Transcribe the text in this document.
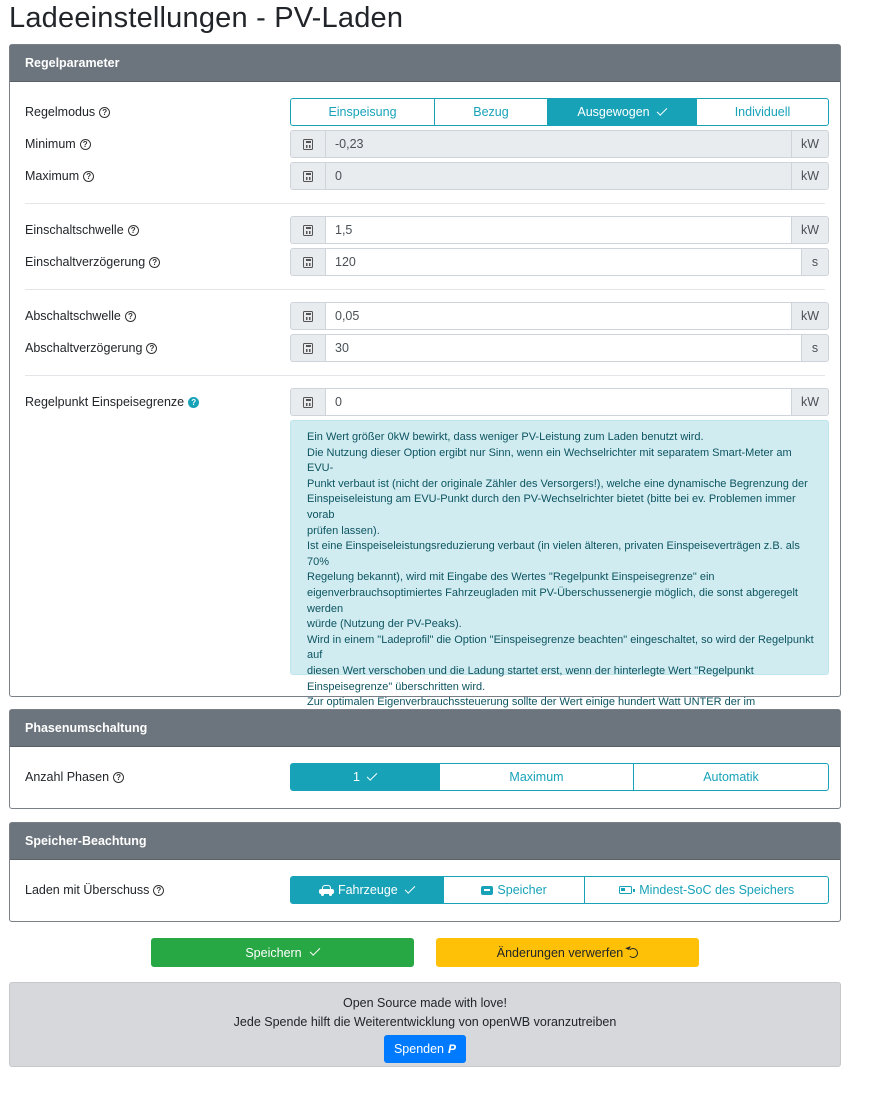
Ladeeinstellungen - PV-Laden
Regelparameter
Regelmodus ?	Einspeisung	Bezug	Ausgewogen	Individuell
Minimum ?	-0,23	kW
Maximum ?	0	kW
Einschaltschwelle ?	1,5	kW
Einschaltverzögerung ?	120	s
Abschaltschwelle ?	0,05	kW
Abschaltverzögerung ?	30	s
Regelpunkt Einspeisegrenze ?	0	kW
Ein Wert größer 0kW bewirkt, dass weniger PV-Leistung zum Laden benutzt wird.
Die Nutzung dieser Option ergibt nur Sinn, wenn ein Wechselrichter mit separatem Smart-Meter am EVU-
Punkt verbaut ist (nicht der originale Zähler des Versorgers!), welche eine dynamische Begrenzung der
Einspeiseleistung am EVU-Punkt durch den PV-Wechselrichter bietet (bitte bei ev. Problemen immer vorab
prüfen lassen).
Ist eine Einspeiseleistungsreduzierung verbaut (in vielen älteren, privaten Einspeiseverträgen z.B. als 70%
Regelung bekannt), wird mit Eingabe des Wertes "Regelpunkt Einspeisegrenze" ein
eigenverbrauchsoptimiertes Fahrzeugladen mit PV-Überschussenergie möglich, die sonst abgeregelt werden
würde (Nutzung der PV-Peaks).
Wird in einem "Ladeprofil" die Option "Einspeisegrenze beachten" eingeschaltet, so wird der Regelpunkt auf
diesen Wert verschoben und die Ladung startet erst, wenn der hinterlegte Wert "Regelpunkt
Einspeisegrenze" überschritten wird.
Zur optimalen Eigenverbrauchssteuerung sollte der Wert einige hundert Watt UNTER der im
Phasenumschaltung
Anzahl Phasen ?	1	Maximum	Automatik
Speicher-Beachtung
Laden mit Überschuss ?	Fahrzeuge	Speicher	Mindest-SoC des Speichers
Speichern	Änderungen verwerfen
Open Source made with love!
Jede Spende hilft die Weiterentwicklung von openWB voranzutreiben
Spenden P
